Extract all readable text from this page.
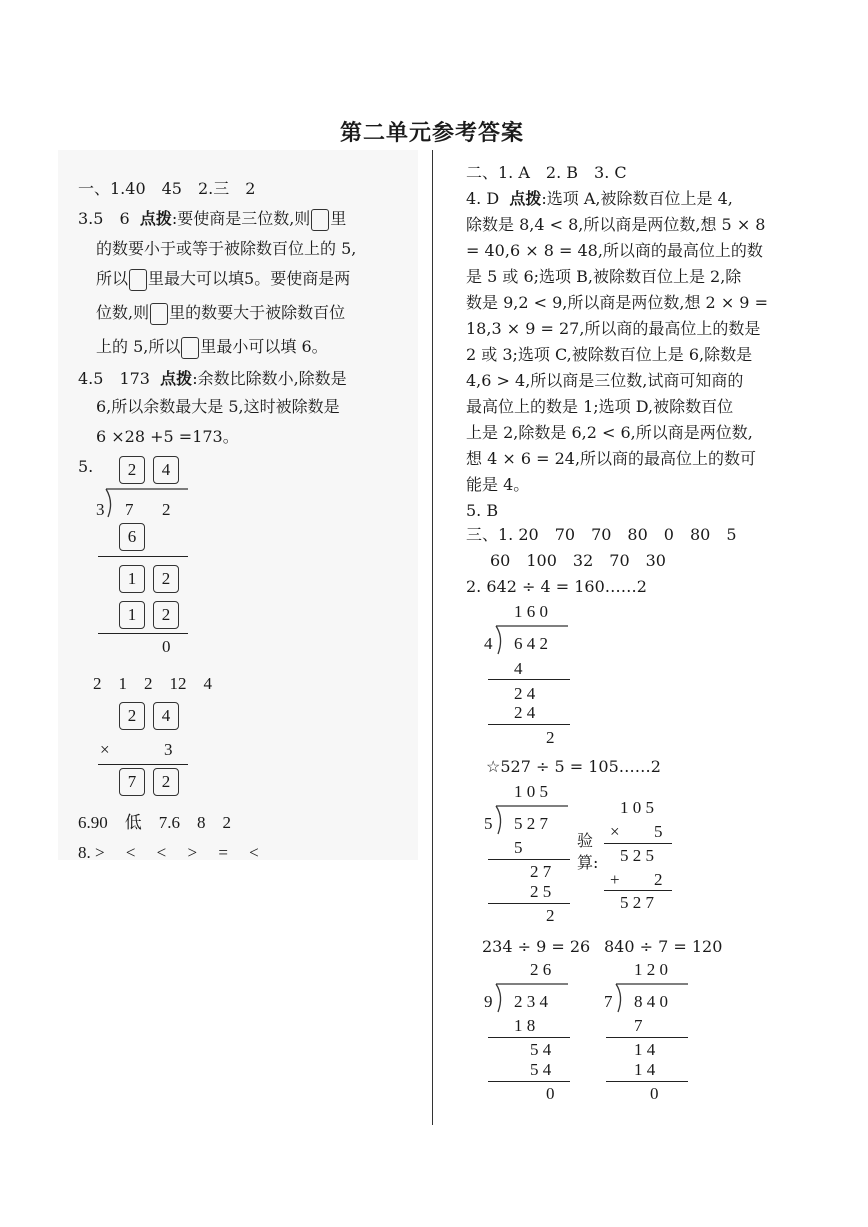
第二单元参考答案
一、1.40　45　2.三　2
3.5　6 点拨:要使商是三位数,则 里
的数要小于或等于被除数百位上的 5,
所以 里最大可以填5。要使商是两
位数,则 里的数要大于被除数百位
上的 5,所以 里最小可以填 6。
4.5　173 点拨:余数比除数小,除数是
6,所以余数最大是 5,这时被除数是
6 ×28 +5 =173。
5.	2	4
3 7 2
6
1	2
1	2
0
2　1　2　12　4
2	4
×	3
7	2
6.90　低　7.6　8　2
8. >　 <　 <　 >　 =　 <
二、1. A　2. B　3. C
4. D 点拨:选项 A,被除数百位上是 4,
除数是 8,4 < 8,所以商是两位数,想 5 × 8
= 40,6 × 8 = 48,所以商的最高位上的数
是 5 或 6;选项 B,被除数百位上是 2,除
数是 9,2 < 9,所以商是两位数,想 2 × 9 =
18,3 × 9 = 27,所以商的最高位上的数是
2 或 3;选项 C,被除数百位上是 6,除数是
4,6 > 4,所以商是三位数,试商可知商的
最高位上的数是 1;选项 D,被除数百位
上是 2,除数是 6,2 < 6,所以商是两位数,
想 4 × 6 = 24,所以商的最高位上的数可
能是 4。
5. B
三、1. 20　70　70　80　0　80　5
60　100　32　70　30
2. 642 ÷ 4 = 160……2
1 6 0
4 6 4 2
4
2 4
2 4
2
☆527 ÷ 5 = 105……2
1 0 5
5 5 2 7
5
2 7
2 5
2
验
算:
1 0 5
× 5
5 2 5
+ 2
5 2 7
234 ÷ 9 = 26 840 ÷ 7 = 120
2 6
9 2 3 4
1 8
5 4
5 4
0
1 2 0
7 8 4 0
7
1 4
1 4
0
